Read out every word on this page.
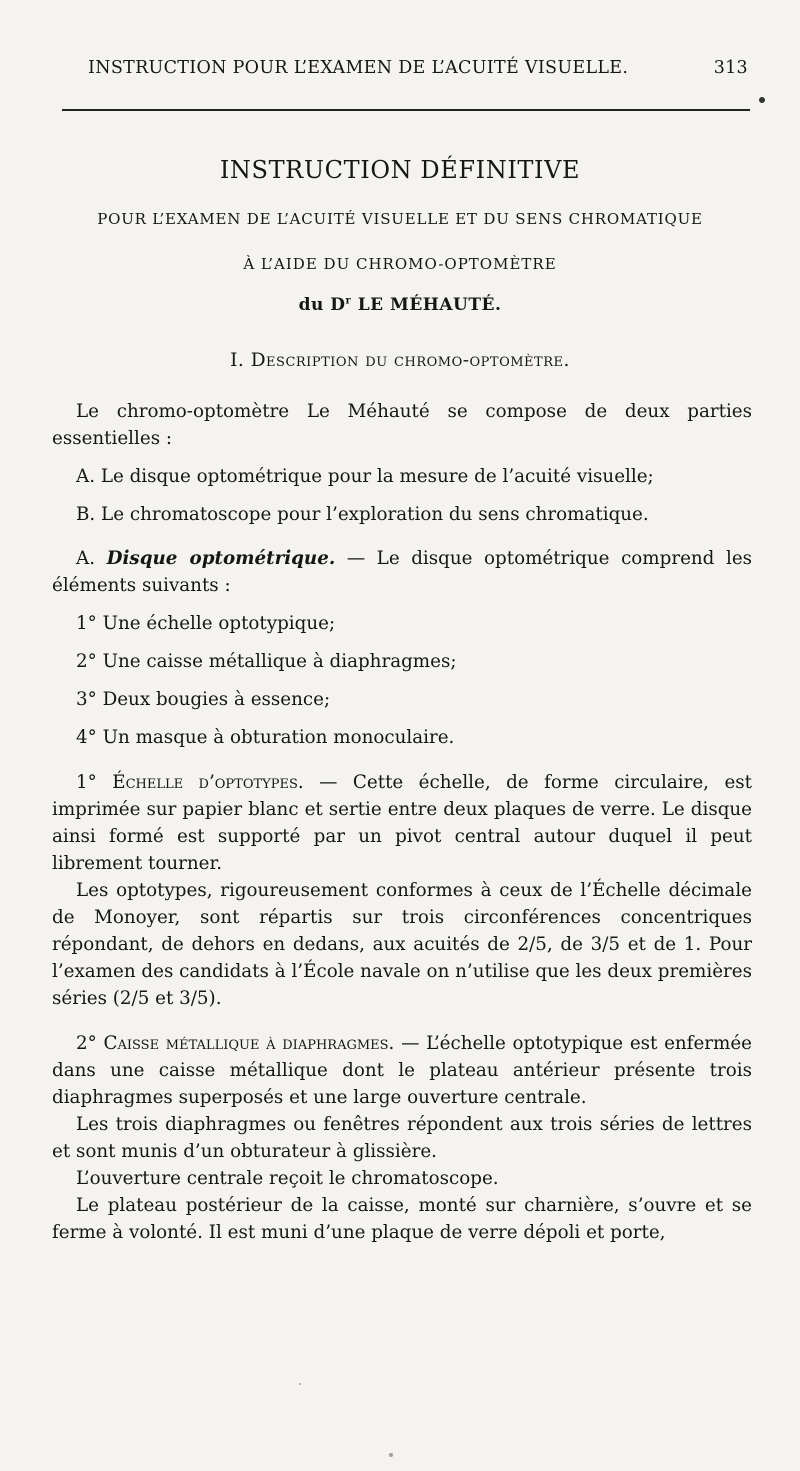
INSTRUCTION POUR L’EXAMEN DE L’ACUITÉ VISUELLE.	313
INSTRUCTION DÉFINITIVE
POUR L’EXAMEN DE L’ACUITÉ VISUELLE ET DU SENS CHROMATIQUE
À L’AIDE DU CHROMO-OPTOMÈTRE
du $D^r$ LE MÉHAUTÉ.
I. Description du chromo-optomètre.

Le chromo-optomètre Le Méhauté se compose de deux parties essentielles :

A. Le disque optométrique pour la mesure de l’acuité visuelle;

B. Le chromatoscope pour l’exploration du sens chromatique.

A. Disque optométrique. — Le disque optométrique comprend les éléments suivants :

1° Une échelle optotypique;

2° Une caisse métallique à diaphragmes;

3° Deux bougies à essence;

4° Un masque à obturation monoculaire.

1° Échelle d’optotypes. — Cette échelle, de forme circulaire, est imprimée sur papier blanc et sertie entre deux plaques de verre. Le disque ainsi formé est supporté par un pivot central autour duquel il peut librement tourner.

Les optotypes, rigoureusement conformes à ceux de l’Échelle décimale de Monoyer, sont répartis sur trois circonférences concentriques répondant, de dehors en dedans, aux acuités de 2/5, de 3/5 et de 1. Pour l’examen des candidats à l’École navale on n’utilise que les deux premières séries (2/5 et 3/5).

2° Caisse métallique à diaphragmes. — L’échelle optotypique est enfermée dans une caisse métallique dont le plateau antérieur présente trois diaphragmes superposés et une large ouverture centrale.

Les trois diaphragmes ou fenêtres répondent aux trois séries de lettres et sont munis d’un obturateur à glissière.

L’ouverture centrale reçoit le chromatoscope.

Le plateau postérieur de la caisse, monté sur charnière, s’ouvre et se ferme à volonté. Il est muni d’une plaque de verre dépoli et porte,
